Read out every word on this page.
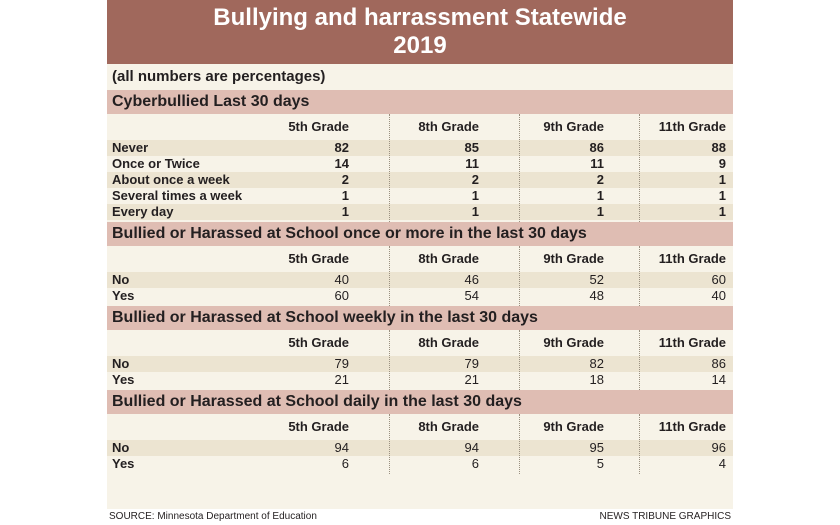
Bullying and harrassment Statewide
2019
(all numbers are percentages)
Cyberbullied Last 30 days
5th Grade	8th Grade	9th Grade	11th Grade
Never	82	85	86	88
Once or Twice	14	11	11	9
About once a week	2	2	2	1
Several times a week	1	1	1	1
Every day	1	1	1	1
Bullied or Harassed at School once or more in the last 30 days
5th Grade	8th Grade	9th Grade	11th Grade
No	40	46	52	60
Yes	60	54	48	40
Bullied or Harassed at School weekly in the last 30 days
5th Grade	8th Grade	9th Grade	11th Grade
No	79	79	82	86
Yes	21	21	18	14
Bullied or Harassed at School daily in the last 30 days
5th Grade	8th Grade	9th Grade	11th Grade
No	94	94	95	96
Yes	6	6	5	4
SOURCE: Minnesota Department of Education	NEWS TRIBUNE GRAPHICS
